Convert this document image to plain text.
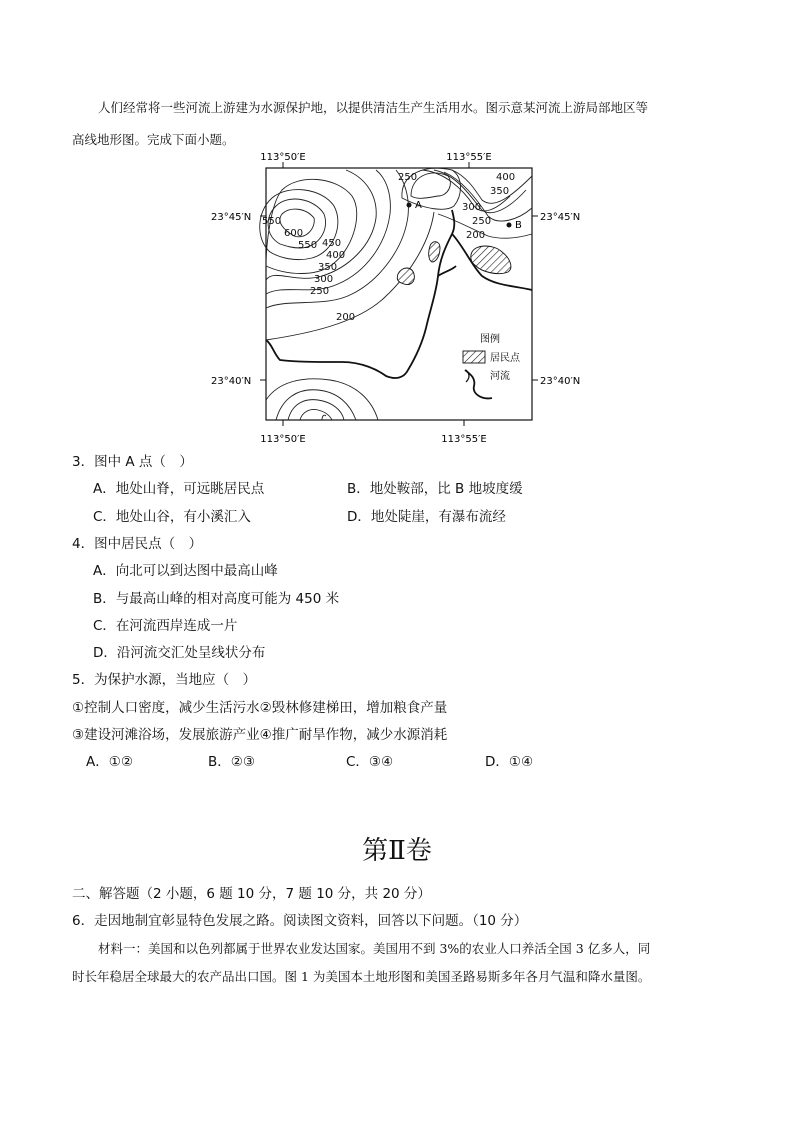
人们经常将一些河流上游建为水源保护地，以提供清洁生产生活用水。图示意某河流上游局部地区等
高线地形图。完成下面小题。
113°50′E	113°55′E
113°50′E	113°55′E
23°45′N
23°40′N
23°45′N
23°40′N
A
B
250	400
350
300
250
200
550
600
550 450
400
350
300
250
200
图例
居民点
河流
3．图中 A 点（　）
A．地处山脊，可远眺居民点	B．地处鞍部，比 B 地坡度缓
C．地处山谷，有小溪汇入	D．地处陡崖，有瀑布流经
4．图中居民点（　）
A．向北可以到达图中最高山峰
B．与最高山峰的相对高度可能为 450 米
C．在河流西岸连成一片
D．沿河流交汇处呈线状分布
5．为保护水源，当地应（　）
①控制人口密度，减少生活污水②毁林修建梯田，增加粮食产量
③建设河滩浴场，发展旅游产业④推广耐旱作物，减少水源消耗
A．①②	B．②③	C．③④	D．①④
第Ⅱ卷
二、解答题（2 小题，6 题 10 分，7 题 10 分，共 20 分）
6．走因地制宜彰显特色发展之路。阅读图文资料，回答以下问题。（10 分）
材料一：美国和以色列都属于世界农业发达国家。美国用不到 3%的农业人口养活全国 3 亿多人，同
时长年稳居全球最大的农产品出口国。图 1 为美国本土地形图和美国圣路易斯多年各月气温和降水量图。
